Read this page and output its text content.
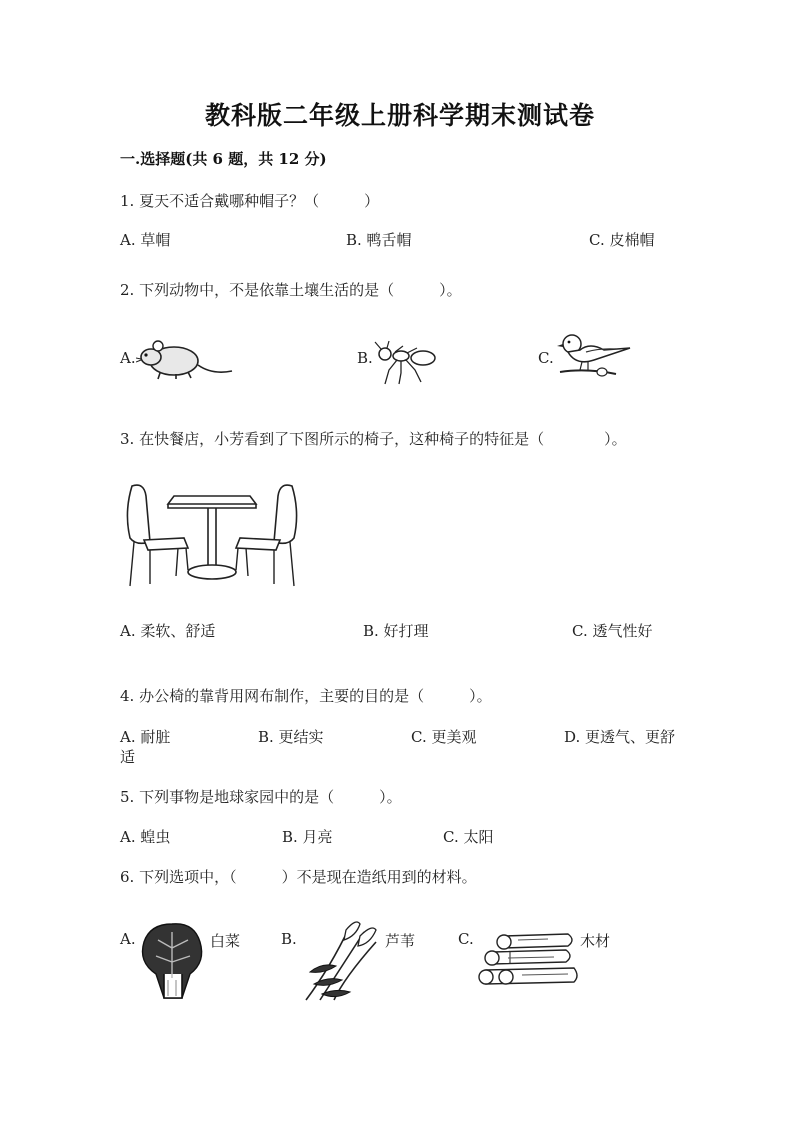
教科版二年级上册科学期末测试卷
一.选择题(共 6 题，共 12 分)
1. 夏天不适合戴哪种帽子？（　　　）
A. 草帽	B. 鸭舌帽	C. 皮棉帽
2. 下列动物中，不是依靠土壤生活的是（　　　）。
A.	B.	C.
3. 在快餐店，小芳看到了下图所示的椅子，这种椅子的特征是（　　　　）。
A. 柔软、舒适	B. 好打理	C. 透气性好
4. 办公椅的靠背用网布制作，主要的目的是（　　　）。
A. 耐脏	B. 更结实	C. 更美观	D. 更透气、更舒
适
5. 下列事物是地球家园中的是（　　　）。
A. 蝗虫	B. 月亮	C. 太阳
6. 下列选项中，（　　　）不是现在造纸用到的材料。
A.	白菜	B.	芦苇	C.	木材
